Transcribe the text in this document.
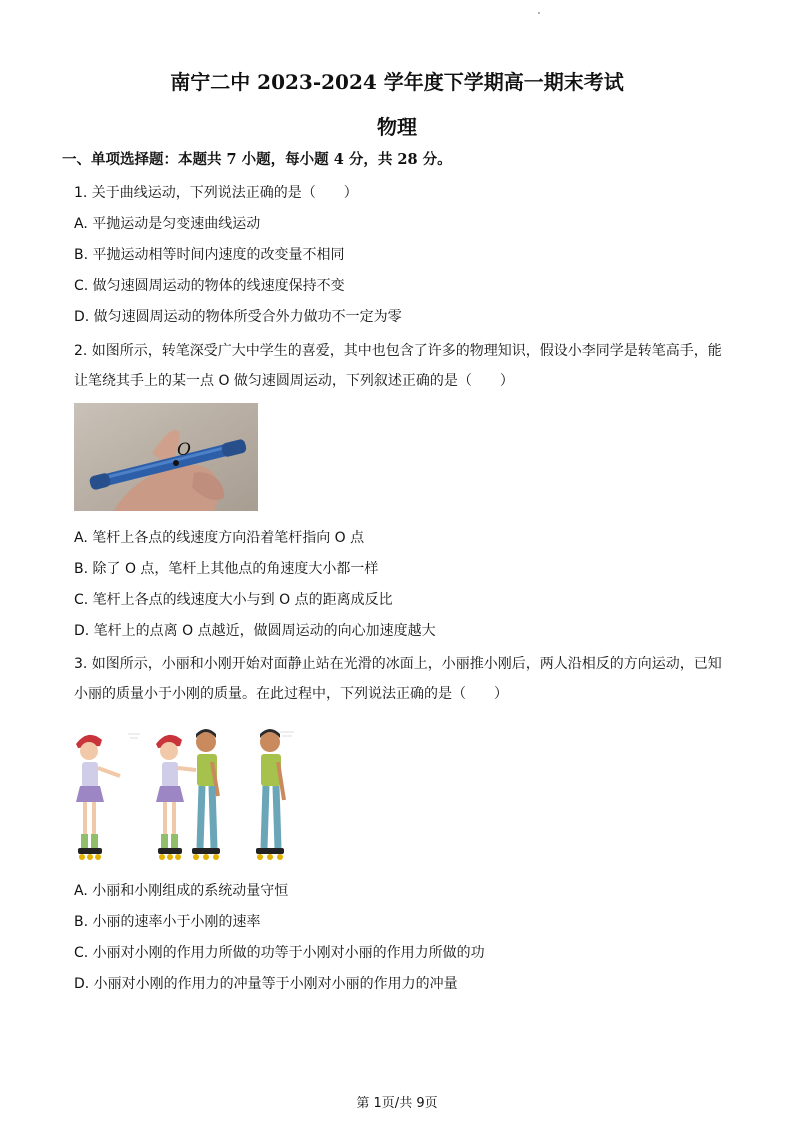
南宁二中 2023-2024 学年度下学期高一期末考试
物理
一、单项选择题：本题共 7 小题，每小题 4 分，共 28 分。
1. 关于曲线运动，下列说法正确的是（　　）
A. 平抛运动是匀变速曲线运动
B. 平抛运动相等时间内速度的改变量不相同
C. 做匀速圆周运动的物体的线速度保持不变
D. 做匀速圆周运动的物体所受合外力做功不一定为零
2. 如图所示，转笔深受广大中学生的喜爱，其中也包含了许多的物理知识，假设小李同学是转笔高手，能
让笔绕其手上的某一点 O 做匀速圆周运动，下列叙述正确的是（　　）
O
A. 笔杆上各点的线速度方向沿着笔杆指向 O 点
B. 除了 O 点，笔杆上其他点的角速度大小都一样
C. 笔杆上各点的线速度大小与到 O 点的距离成反比
D. 笔杆上的点离 O 点越近，做圆周运动的向心加速度越大
3. 如图所示，小丽和小刚开始对面静止站在光滑的冰面上，小丽推小刚后，两人沿相反的方向运动，已知
小丽的质量小于小刚的质量。在此过程中，下列说法正确的是（　　）
A. 小丽和小刚组成的系统动量守恒
B. 小丽的速率小于小刚的速率
C. 小丽对小刚的作用力所做的功等于小刚对小丽的作用力所做的功
D. 小丽对小刚的作用力的冲量等于小刚对小丽的作用力的冲量
第 1页/共 9页
